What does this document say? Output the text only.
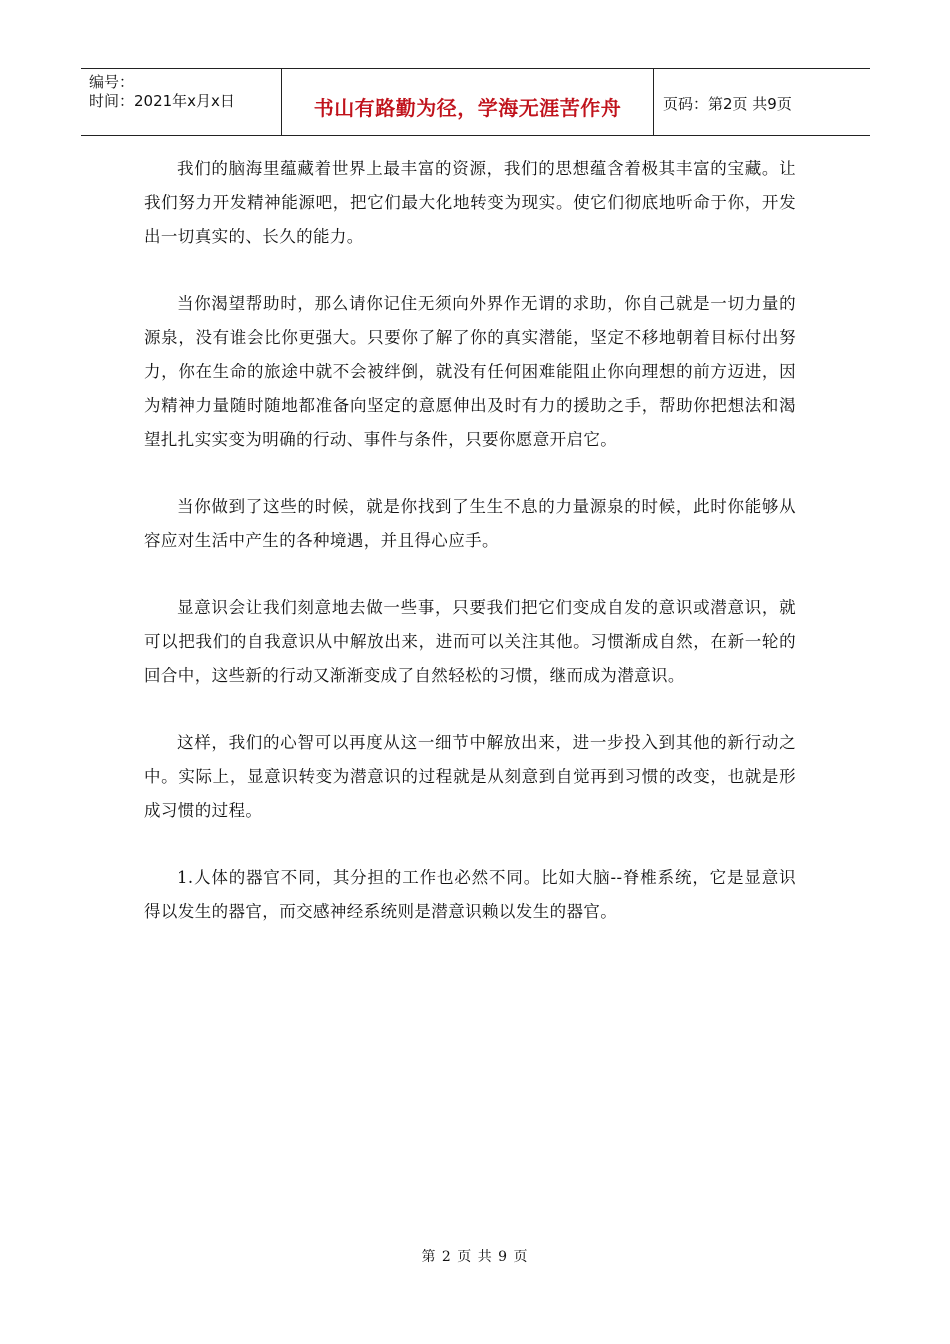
编号：
时间：2021年x月x日	书山有路勤为径，学海无涯苦作舟	页码：第2页 共9页

我们的脑海里蕴藏着世界上最丰富的资源，我们的思想蕴含着极其丰富的宝藏。让我们努力开发精神能源吧，把它们最大化地转变为现实。使它们彻底地听命于你，开发出一切真实的、长久的能力。

当你渴望帮助时，那么请你记住无须向外界作无谓的求助，你自己就是一切力量的源泉，没有谁会比你更强大。只要你了解了你的真实潜能，坚定不移地朝着目标付出努力，你在生命的旅途中就不会被绊倒，就没有任何困难能阻止你向理想的前方迈进，因为精神力量随时随地都准备向坚定的意愿伸出及时有力的援助之手，帮助你把想法和渴望扎扎实实变为明确的行动、事件与条件，只要你愿意开启它。

当你做到了这些的时候，就是你找到了生生不息的力量源泉的时候，此时你能够从容应对生活中产生的各种境遇，并且得心应手。

显意识会让我们刻意地去做一些事，只要我们把它们变成自发的意识或潜意识，就可以把我们的自我意识从中解放出来，进而可以关注其他。习惯渐成自然，在新一轮的回合中，这些新的行动又渐渐变成了自然轻松的习惯，继而成为潜意识。

这样，我们的心智可以再度从这一细节中解放出来，进一步投入到其他的新行动之中。实际上，显意识转变为潜意识的过程就是从刻意到自觉再到习惯的改变，也就是形成习惯的过程。

1.人体的器官不同，其分担的工作也必然不同。比如大脑--脊椎系统，它是显意识得以发生的器官，而交感神经系统则是潜意识赖以发生的器官。

第 2 页 共 9 页
